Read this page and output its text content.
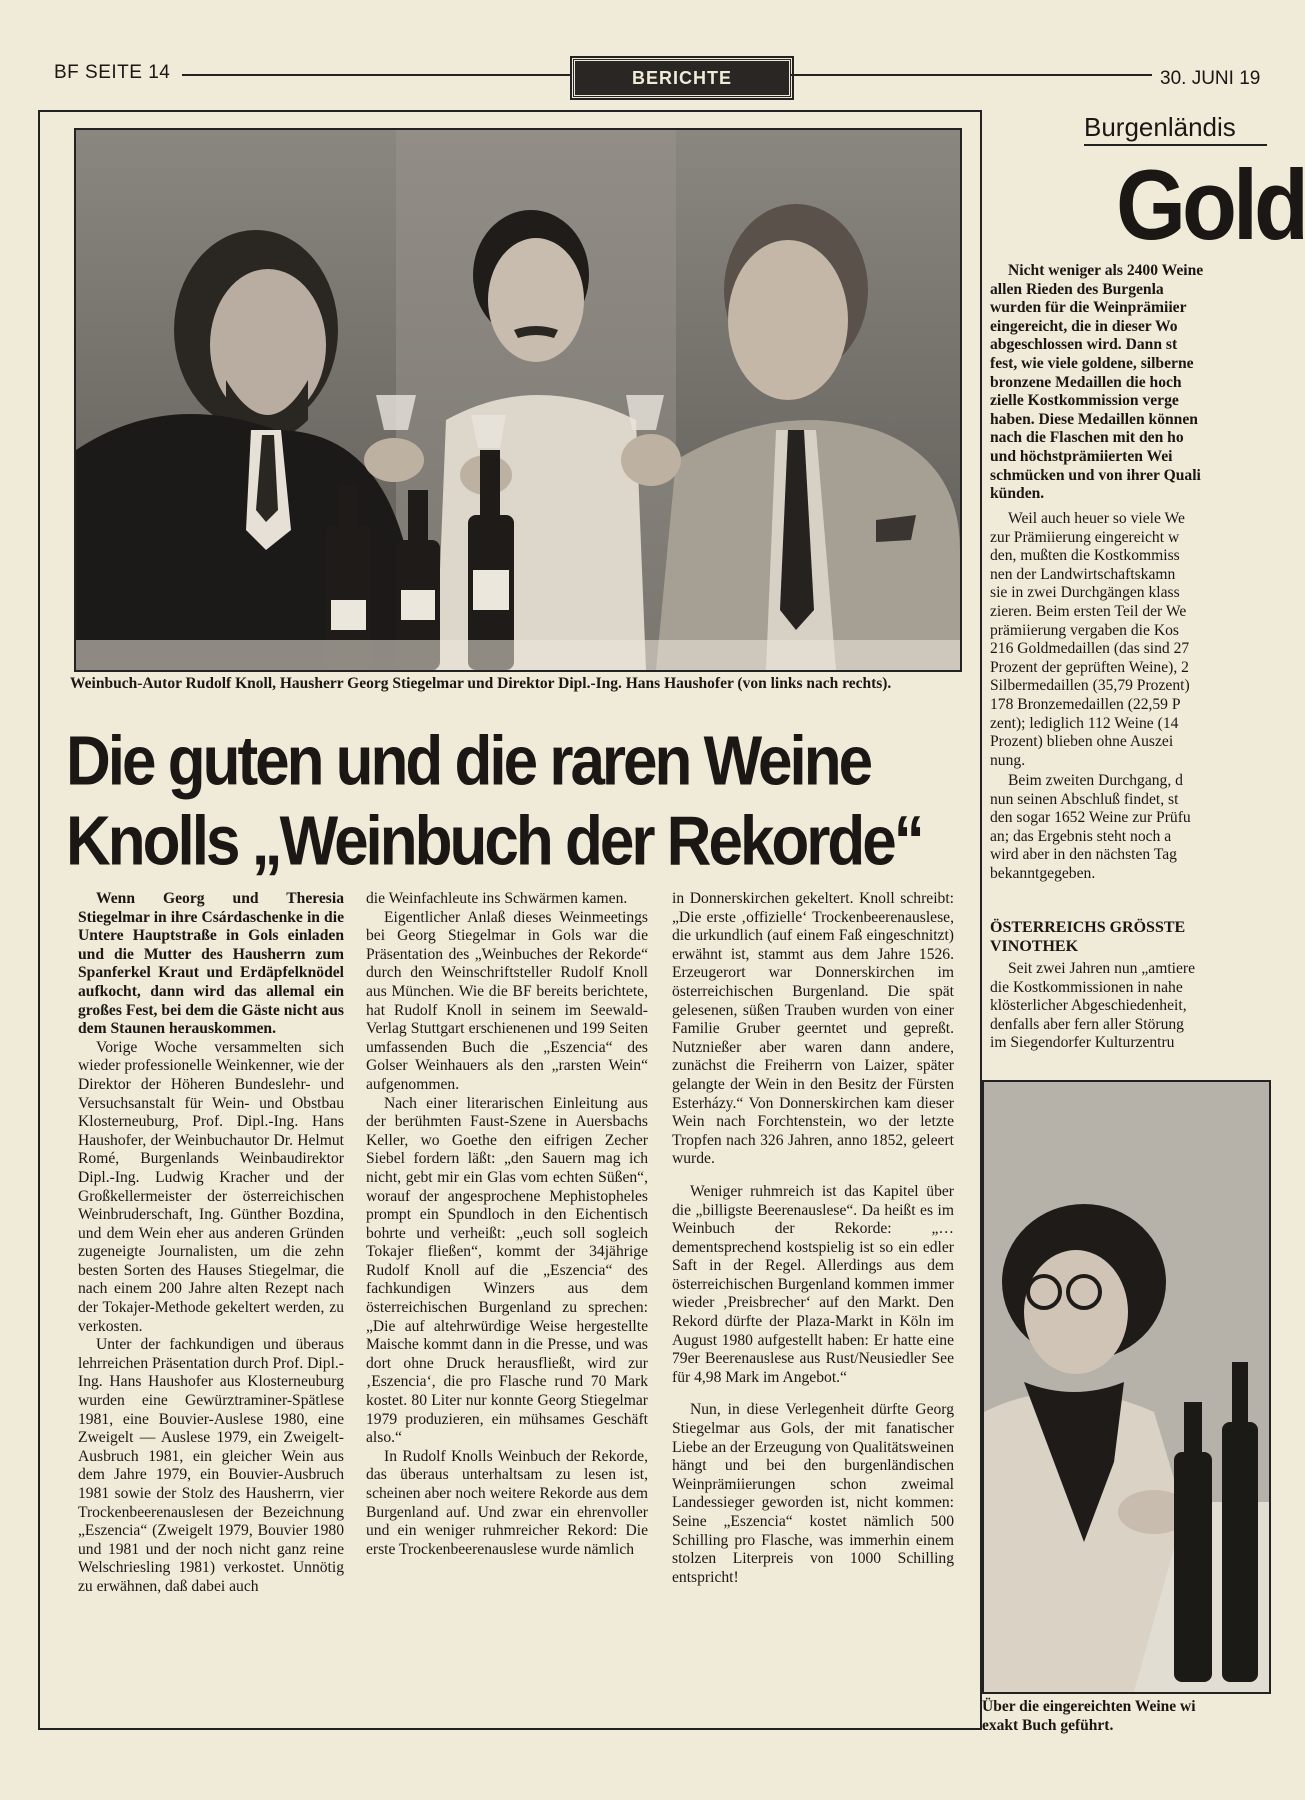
BF SEITE 14	BERICHTE	30. JUNI 19
Weinbuch-Autor Rudolf Knoll, Hausherr Georg Stiegelmar und Direktor Dipl.-Ing. Hans Haushofer (von links nach rechts).
Die guten und die raren Weine
Knolls „Weinbuch der Rekorde“

Wenn Georg und Theresia Stiegelmar in ihre Csárdaschenke in die Untere Hauptstraße in Gols einladen und die Mutter des Hausherrn zum Spanferkel Kraut und Erdäpfelknödel aufkocht, dann wird das allemal ein großes Fest, bei dem die Gäste nicht aus dem Staunen herauskommen.

Vorige Woche versammelten sich wieder professionelle Weinkenner, wie der Direktor der Höheren Bundeslehr- und Versuchsanstalt für Wein- und Obstbau Klosterneuburg, Prof. Dipl.-Ing. Hans Haushofer, der Weinbuchautor Dr. Helmut Romé, Burgenlands Weinbaudirektor Dipl.-Ing. Ludwig Kracher und der Großkellermeister der österreichischen Weinbruderschaft, Ing. Günther Bozdina, und dem Wein eher aus anderen Gründen zugeneigte Journalisten, um die zehn besten Sorten des Hauses Stiegelmar, die nach einem 200 Jahre alten Rezept nach der Tokajer-Methode gekeltert werden, zu verkosten.

Unter der fachkundigen und überaus lehrreichen Präsentation durch Prof. Dipl.-Ing. Hans Haushofer aus Klosterneuburg wurden eine Gewürztraminer-Spätlese 1981, eine Bouvier-Auslese 1980, eine Zweigelt — Auslese 1979, ein Zweigelt-Ausbruch 1981, ein gleicher Wein aus dem Jahre 1979, ein Bouvier-Ausbruch 1981 sowie der Stolz des Hausherrn, vier Trockenbeerenauslesen der Bezeichnung „Eszencia“ (Zweigelt 1979, Bouvier 1980 und 1981 und der noch nicht ganz reine Welschriesling 1981) verkostet. Unnötig zu erwähnen, daß dabei auch

die Weinfachleute ins Schwärmen kamen.

Eigentlicher Anlaß dieses Weinmeetings bei Georg Stiegelmar in Gols war die Präsentation des „Weinbuches der Rekorde“ durch den Weinschriftsteller Rudolf Knoll aus München. Wie die BF bereits berichtete, hat Rudolf Knoll in seinem im Seewald-Verlag Stuttgart erschienenen und 199 Seiten umfassenden Buch die „Eszencia“ des Golser Weinhauers als den „rarsten Wein“ aufgenommen.

Nach einer literarischen Einleitung aus der berühmten Faust-Szene in Auersbachs Keller, wo Goethe den eifrigen Zecher Siebel fordern läßt: „den Sauern mag ich nicht, gebt mir ein Glas vom echten Süßen“, worauf der angesprochene Mephistopheles prompt ein Spundloch in den Eichentisch bohrte und verheißt: „euch soll sogleich Tokajer fließen“, kommt der 34jährige Rudolf Knoll auf die „Eszencia“ des fachkundigen Winzers aus dem österreichischen Burgenland zu sprechen: „Die auf altehrwürdige Weise hergestellte Maische kommt dann in die Presse, und was dort ohne Druck herausfließt, wird zur ‚Eszencia‘, die pro Flasche rund 70 Mark kostet. 80 Liter nur konnte Georg Stiegelmar 1979 produzieren, ein mühsames Geschäft also.“

In Rudolf Knolls Weinbuch der Rekorde, das überaus unterhaltsam zu lesen ist, scheinen aber noch weitere Rekorde aus dem Burgenland auf. Und zwar ein ehrenvoller und ein weniger ruhmreicher Rekord: Die erste Trockenbeerenauslese wurde nämlich

in Donnerskirchen gekeltert. Knoll schreibt: „Die erste ‚offizielle‘ Trockenbeerenauslese, die urkundlich (auf einem Faß eingeschnitzt) erwähnt ist, stammt aus dem Jahre 1526. Erzeugerort war Donnerskirchen im österreichischen Burgenland. Die spät gelesenen, süßen Trauben wurden von einer Familie Gruber geerntet und gepreßt. Nutznießer aber waren dann andere, zunächst die Freiherrn von Laizer, später gelangte der Wein in den Besitz der Fürsten Esterházy.“ Von Donnerskirchen kam dieser Wein nach Forchtenstein, wo der letzte Tropfen nach 326 Jahren, anno 1852, geleert wurde.

Weniger ruhmreich ist das Kapitel über die „billigste Beerenauslese“. Da heißt es im Weinbuch der Rekorde: „…dementsprechend kostspielig ist so ein edler Saft in der Regel. Allerdings aus dem österreichischen Burgenland kommen immer wieder ‚Preisbrecher‘ auf den Markt. Den Rekord dürfte der Plaza-Markt in Köln im August 1980 aufgestellt haben: Er hatte eine 79er Beerenauslese aus Rust/Neusiedler See für 4,98 Mark im Angebot.“

Nun, in diese Verlegenheit dürfte Georg Stiegelmar aus Gols, der mit fanatischer Liebe an der Erzeugung von Qualitätsweinen hängt und bei den burgenländischen Weinprämiierungen schon zweimal Landessieger geworden ist, nicht kommen: Seine „Eszencia“ kostet nämlich 500 Schilling pro Flasche, was immerhin einem stolzen Literpreis von 1000 Schilling entspricht!

Burgenländis
Gold

Nicht weniger als 2400 Weine

allen Rieden des Burgenla

wurden für die Weinprämiier

eingereicht, die in dieser Wo

abgeschlossen wird. Dann st

fest, wie viele goldene, silberne

bronzene Medaillen die hoch

zielle Kostkommission verge

haben. Diese Medaillen können

nach die Flaschen mit den ho

und höchstprämiierten Wei

schmücken und von ihrer Quali

künden.

Weil auch heuer so viele We

zur Prämiierung eingereicht w

den, mußten die Kostkommiss

nen der Landwirtschaftskamn

sie in zwei Durchgängen klass

zieren. Beim ersten Teil der We

prämiierung vergaben die Kos

216 Goldmedaillen (das sind 27

Prozent der geprüften Weine), 2

Silbermedaillen (35,79 Prozent)

178 Bronzemedaillen (22,59 P

zent); lediglich 112 Weine (14

Prozent) blieben ohne Auszei

nung.

Beim zweiten Durchgang, d

nun seinen Abschluß findet, st

den sogar 1652 Weine zur Prüfu

an; das Ergebnis steht noch a

wird aber in den nächsten Tag

bekanntgegeben.

ÖSTERREICHS GRÖSSTE
VINOTHEK

Seit zwei Jahren nun „amtiere

die Kostkommissionen in nahe

klösterlicher Abgeschiedenheit,

denfalls aber fern aller Störung

im Siegendorfer Kulturzentru

Über die eingereichten Weine wi
exakt Buch geführt.
